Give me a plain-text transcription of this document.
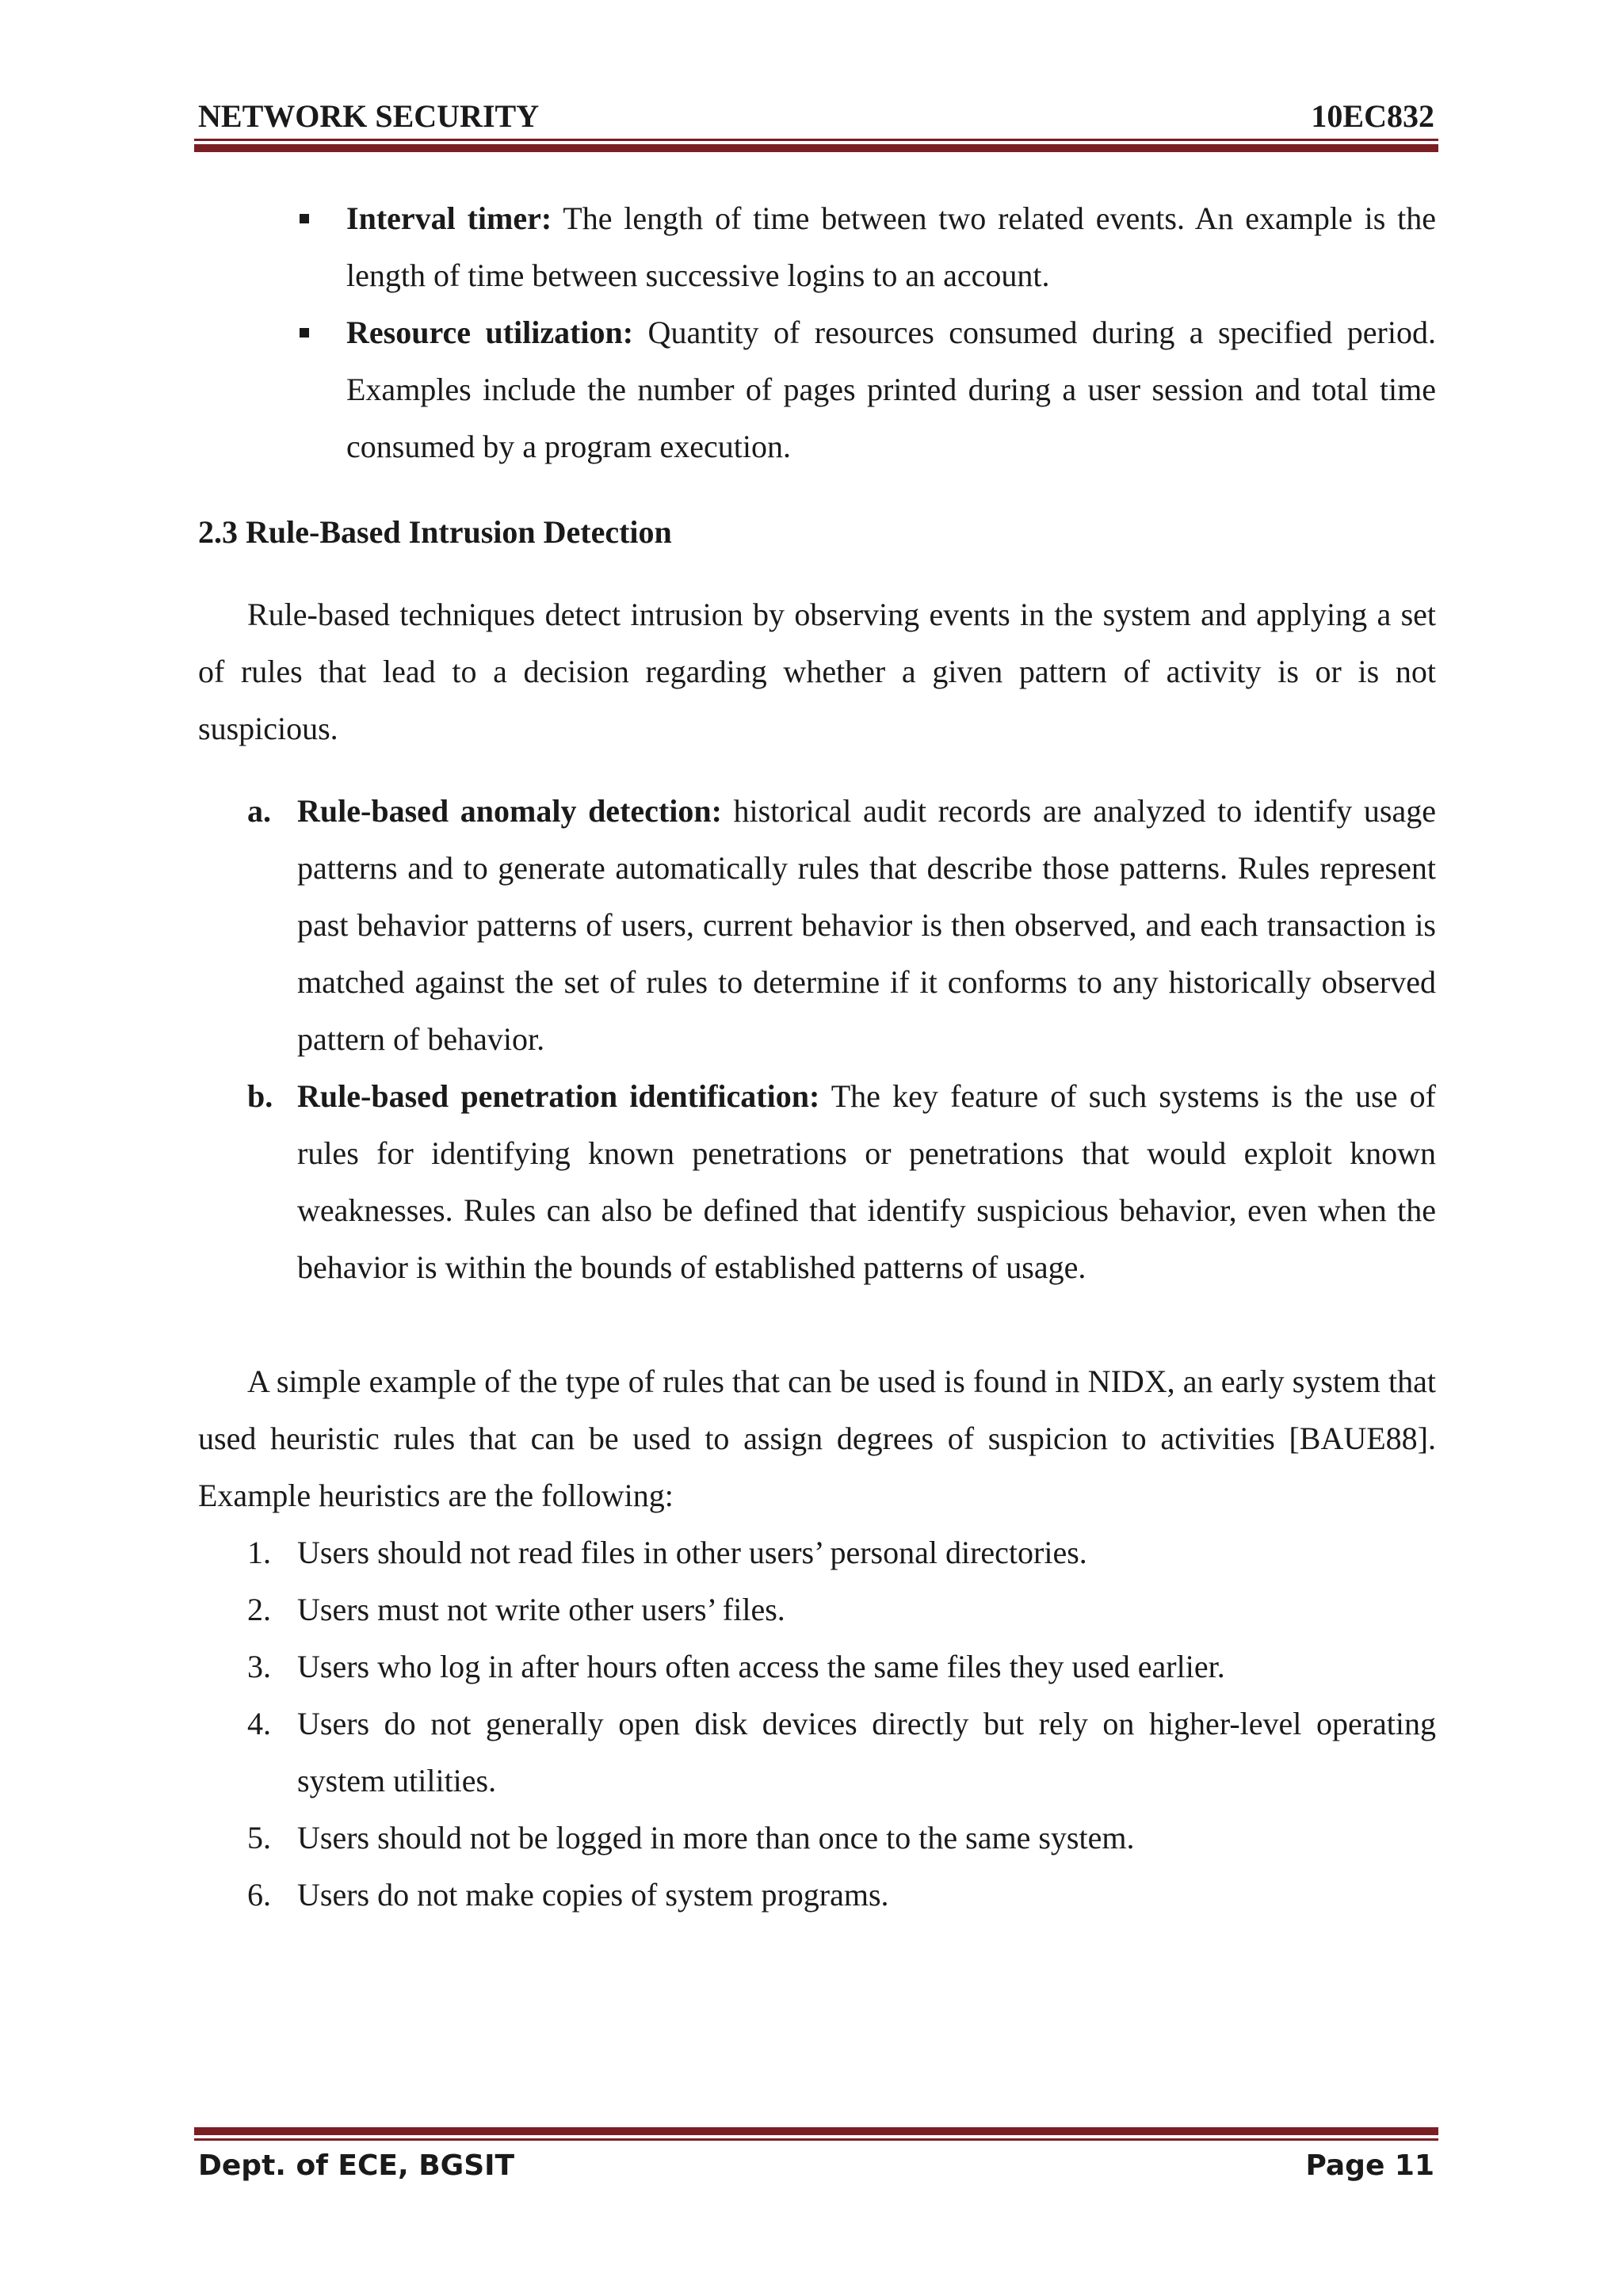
NETWORK SECURITY	10EC832
Interval timer: The length of time between two related events. An example is the length of time between successive logins to an account.
Resource utilization: Quantity of resources consumed during a specified period. Examples include the number of pages printed during a user session and total time consumed by a program execution.

2.3 Rule-Based Intrusion Detection

Rule-based techniques detect intrusion by observing events in the system and applying a set of rules that lead to a decision regarding whether a given pattern of activity is or is not suspicious.

a. Rule-based anomaly detection: historical audit records are analyzed to identify usage patterns and to generate automatically rules that describe those patterns. Rules represent past behavior patterns of users, current behavior is then observed, and each transaction is matched against the set of rules to determine if it conforms to any historically observed pattern of behavior.
b. Rule-based penetration identification: The key feature of such systems is the use of rules for identifying known penetrations or penetrations that would exploit known weaknesses. Rules can also be defined that identify suspicious behavior, even when the behavior is within the bounds of established patterns of usage.

A simple example of the type of rules that can be used is found in NIDX, an early system that used heuristic rules that can be used to assign degrees of suspicion to activities [BAUE88]. Example heuristics are the following:

1. Users should not read files in other users’ personal directories.
2. Users must not write other users’ files.
3. Users who log in after hours often access the same files they used earlier.
4. Users do not generally open disk devices directly but rely on higher-level operating system utilities.
5. Users should not be logged in more than once to the same system.
6. Users do not make copies of system programs.
Dept. of ECE, BGSIT	Page 11
